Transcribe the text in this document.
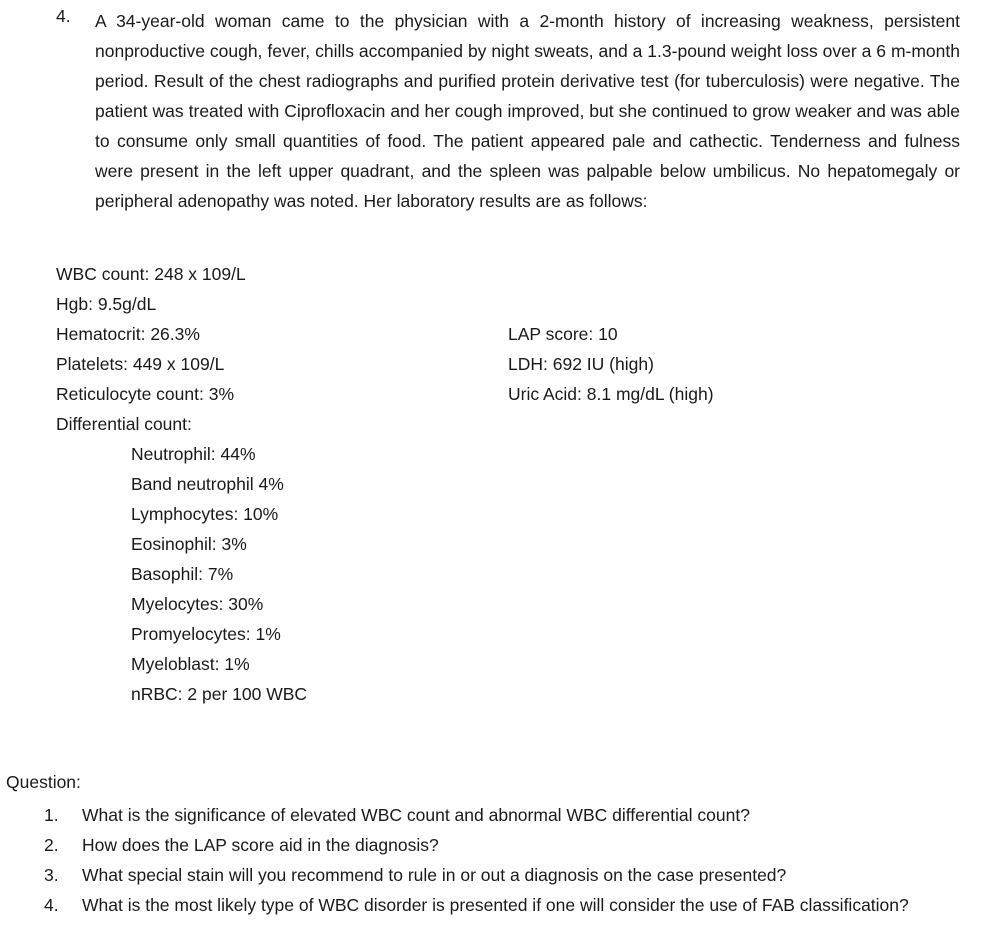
4. A 34-year-old woman came to the physician with a 2-month history of increasing weakness, persistent nonproductive cough, fever, chills accompanied by night sweats, and a 1.3-pound weight loss over a 6 m-month period. Result of the chest radiographs and purified protein derivative test (for tuberculosis) were negative. The patient was treated with Ciprofloxacin and her cough improved, but she continued to grow weaker and was able to consume only small quantities of food. The patient appeared pale and cathectic. Tenderness and fulness were present in the left upper quadrant, and the spleen was palpable below umbilicus. No hepatomegaly or peripheral adenopathy was noted. Her laboratory results are as follows:
WBC count: 248 x 109/L
Hgb: 9.5g/dL
Hematocrit: 26.3%
Platelets: 449 x 109/L
Reticulocyte count: 3%
Differential count:
LAP score: 10
LDH: 692 IU (high)
Uric Acid: 8.1 mg/dL (high)
Neutrophil: 44%
Band neutrophil 4%
Lymphocytes: 10%
Eosinophil: 3%
Basophil: 7%
Myelocytes: 30%
Promyelocytes: 1%
Myeloblast: 1%
nRBC: 2 per 100 WBC
Question:
1. What is the significance of elevated WBC count and abnormal WBC differential count?
2. How does the LAP score aid in the diagnosis?
3. What special stain will you recommend to rule in or out a diagnosis on the case presented?
4. What is the most likely type of WBC disorder is presented if one will consider the use of FAB classification?
